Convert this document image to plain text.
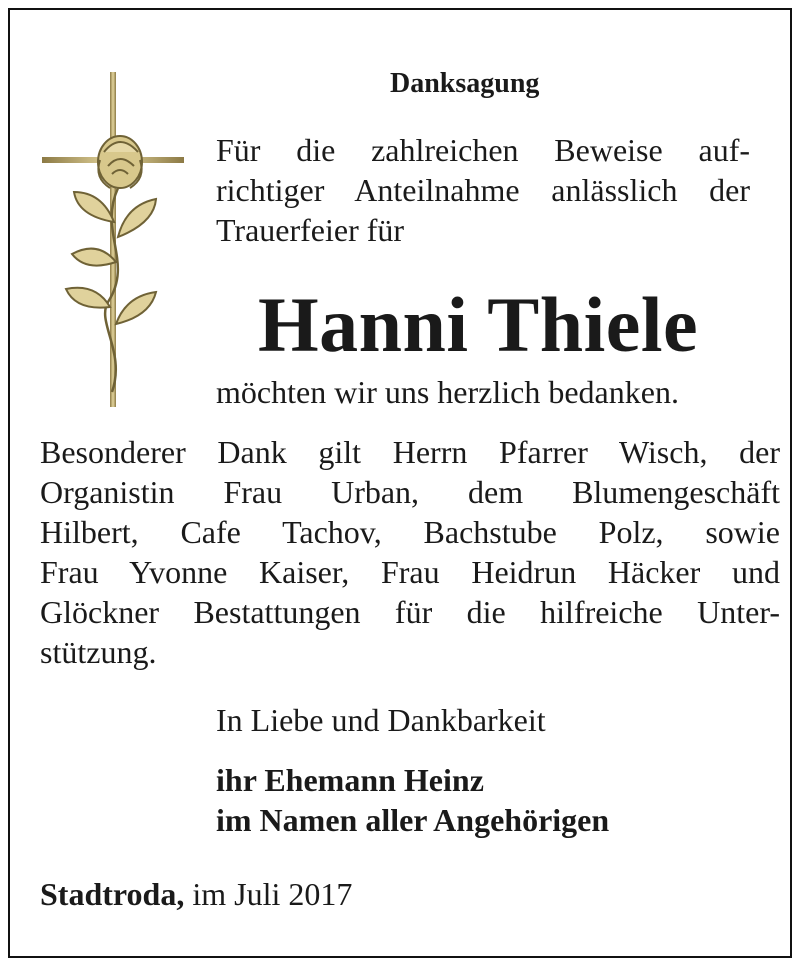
Danksagung
Für die zahlreichen Beweise auf-
richtiger Anteilnahme anlässlich der
Trauerfeier für
Hanni Thiele
möchten wir uns herzlich bedanken.
Besonderer Dank gilt Herrn Pfarrer Wisch, der
Organistin Frau Urban, dem Blumengeschäft
Hilbert, Cafe Tachov, Bachstube Polz, sowie
Frau Yvonne Kaiser, Frau Heidrun Häcker und
Glöckner Bestattungen für die hilfreiche Unter-
stützung.
In Liebe und Dankbarkeit
ihr Ehemann Heinz
im Namen aller Angehörigen
Stadtroda, im Juli 2017
